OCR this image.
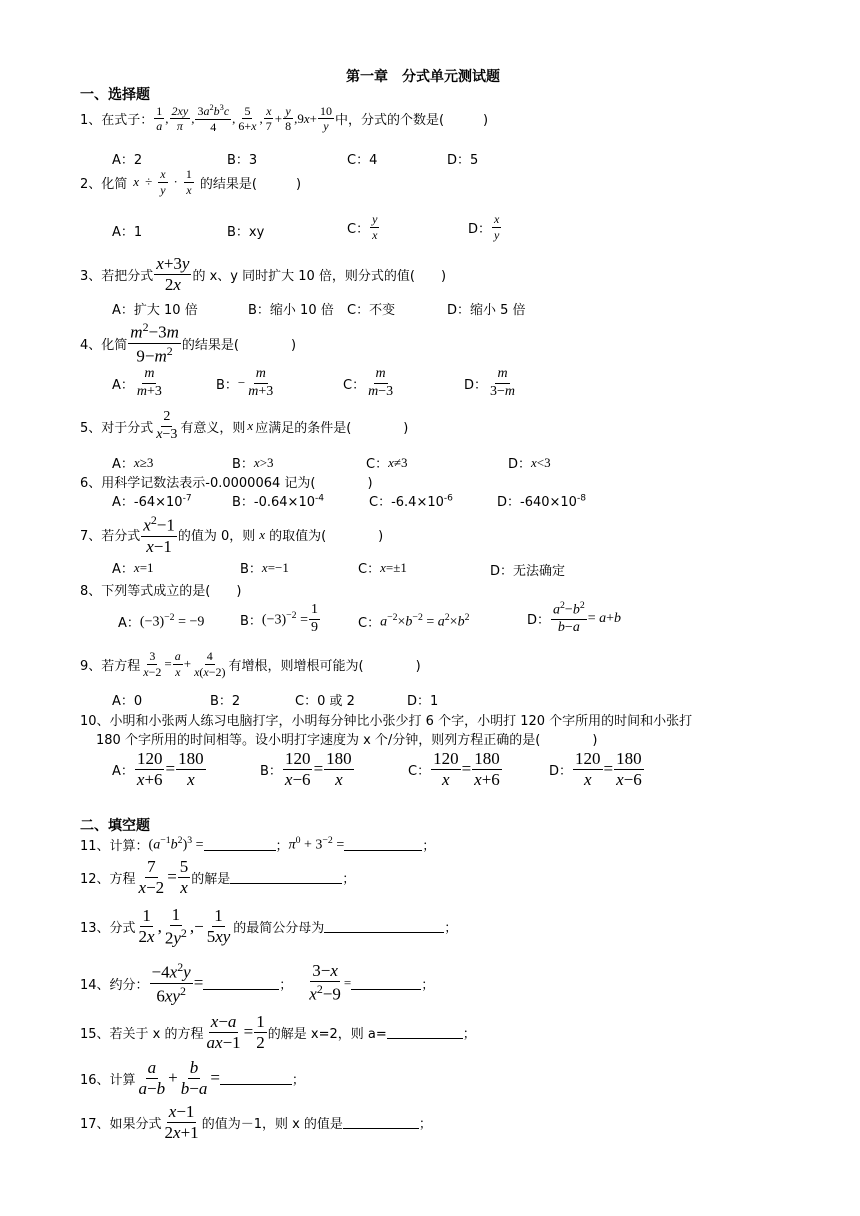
第一章　分式单元测试题
一、选择题
1、在式子： $\frac{1}{a}$ , $\frac{2xy}{\pi}$ , $\frac{3a^2b^3c}{4}$ , $\frac{5}{6+x}$ , $\frac{x}{7} + \frac{y}{8} ,9$ $x + \frac{10}{y}$ 中，分式的个数是(　　　)
A：2	B：3	C：4	D：5
2、化简 $x \div \frac{x}{y} \cdot \frac{1}{x}$ 的结果是(　　　)
A：1	B：xy	C： $\frac{y}{x}$	D： $\frac{x}{y}$
3、若把分式 $\frac{x+3y}{2x}$ 的 x、y 同时扩大 10 倍，则分式的值(　　)
A：扩大 10 倍	B：缩小 10 倍 C：不变	D：缩小 5 倍
4、化简 $\frac{m^2-3m}{9-m^2}$ 的结果是(　　　　)
A： $\frac{m}{m+3}$	B： − $\frac{m}{m+3}$	C： $\frac{m}{m-3}$	D： $\frac{m}{3-m}$
5、对于分式 $\frac{2}{x-3}$ 有意义，则 x 应满足的条件是(　　　　)
A： x ≥3	B： x >3	C： x ≠3	D： x <3
6、用科学记数法表示-0.0000064 记为(　　　　)
A：$-64\times 10^{-7}$	B：$-0.64\times 10^{-4}$	C：$-6.4\times 10^{-6}$	D：$-640\times 10^{-8}$
7、若分式 $\frac{x^2-1}{x-1}$ 的值为 0，则 x 的取值为(　　　　)
A： x =1	B： x =−1	C： x =±1	D：无法确定
8、下列等式成立的是(　　)
A： $(-3)^{-2} = -9$	B： $(-3)^{-2} = \frac{1}{9}$	C： $a^{-2}\times b^{-2} = a^2\times b^2$	D： $\frac{a^2-b^2}{b-a} = a+b$
9、若方程 $\frac{3}{x-2} = \frac{a}{x} + \frac{4}{x(x-2)}$ 有增根，则增根可能为(　　　　)
A：0	B：2	C：0 或 2	D：1
10、小明和小张两人练习电脑打字，小明每分钟比小张少打 6 个字，小明打 120 个字所用的时间和小张打
180 个字所用的时间相等。设小明打字速度为 x 个/分钟，则列方程正确的是(　　　　)
A： $\frac{120}{x+6} = \frac{180}{x}$	B： $\frac{120}{x-6} = \frac{180}{x}$	C： $\frac{120}{x} = \frac{180}{x+6}$	D： $\frac{120}{x} = \frac{180}{x-6}$
二、填空题
11、计算： $(a^{-1}b^2)^3$ =	； $\pi^0 + 3^{-2}$ =	；
12、方程 $\frac{7}{x-2} = \frac{5}{x}$ 的解是	；
13、分式 $\frac{1}{2x}$ , $\frac{1}{2y^2}$ ,− $\frac{1}{5xy}$ 的最简公分母为	；
14、约分： $\frac{-4x^2y}{6xy^2}$ =	； $\frac{3-x}{x^2-9}$ =	；
15、若关于 x 的方程 $\frac{x-a}{ax-1} = \frac{1}{2}$ 的解是 x=2，则 a=	；
16、计算 $\frac{a}{a-b} + \frac{b}{b-a}$ =	；
17、如果分式 $\frac{x-1}{2x+1}$ 的值为－1，则 x 的值是	；
